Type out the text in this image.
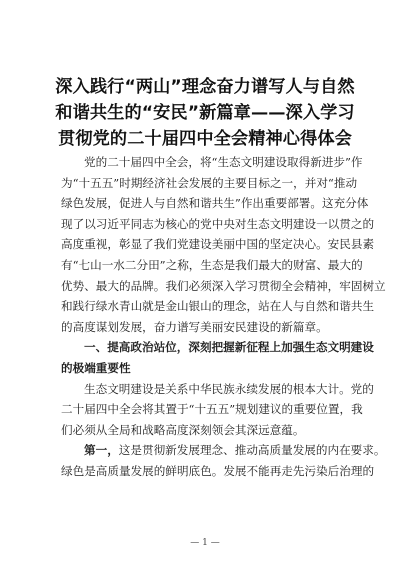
深入践行“两山”理念奋力谱写人与自然
和谐共生的“安民”新篇章——深入学习
贯彻党的二十届四中全会精神心得体会
党的二十届四中全会，将“生态文明建设取得新进步”作
为“十五五”时期经济社会发展的主要目标之一，并对“推动
绿色发展，促进人与自然和谐共生”作出重要部署。这充分体
现了以习近平同志为核心的党中央对生态文明建设一以贯之的
高度重视，彰显了我们党建设美丽中国的坚定决心。安民县素
有“七山一水二分田”之称，生态是我们最大的财富、最大的
优势、最大的品牌。我们必须深入学习贯彻全会精神，牢固树立
和践行绿水青山就是金山银山的理念，站在人与自然和谐共生
的高度谋划发展，奋力谱写美丽安民建设的新篇章。
一、提高政治站位，深刻把握新征程上加强生态文明建设
的极端重要性
生态文明建设是关系中华民族永续发展的根本大计。党的
二十届四中全会将其置于“十五五”规划建议的重要位置，我
们必须从全局和战略高度深刻领会其深远意蕴。
第一，这是贯彻新发展理念、推动高质量发展的内在要求。
绿色是高质量发展的鲜明底色。发展不能再走先污染后治理的
— 1 —
